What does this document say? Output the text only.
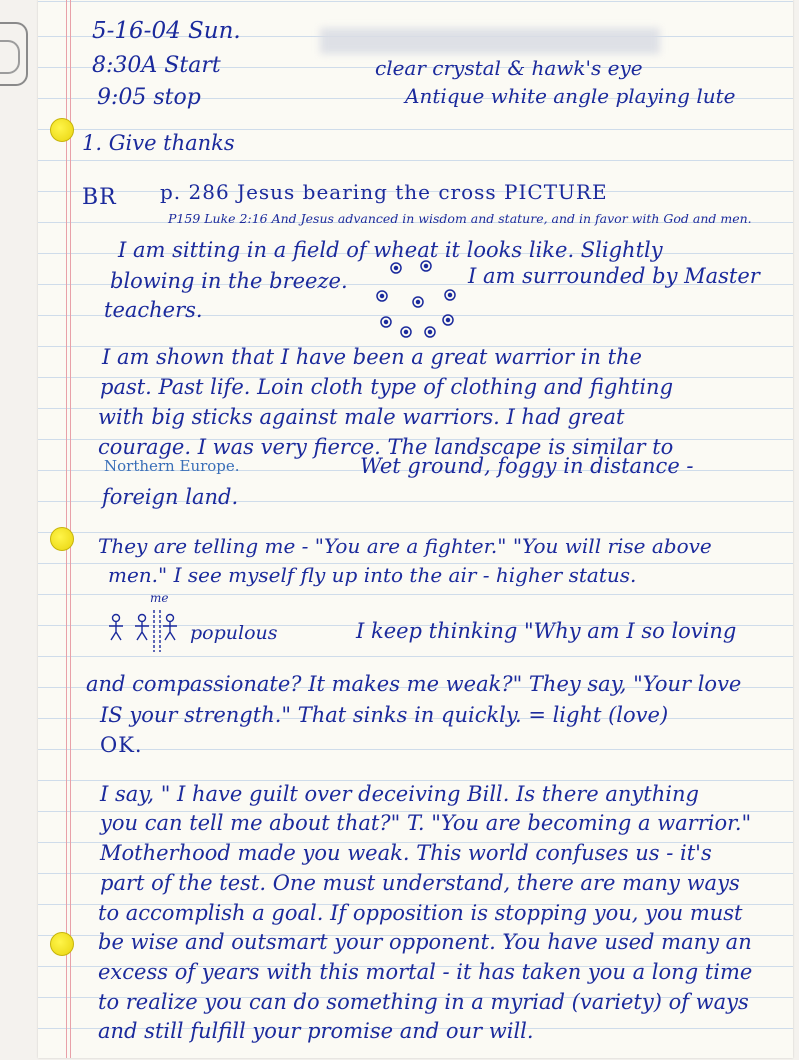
5-16-04 Sun.

8:30A Start

9:05 stop

clear crystal & hawk's eye

Antique white angle playing lute

1. Give thanks

BR p. 286 Jesus bearing the cross PICTURE

P159 Luke 2:16 And Jesus advanced in wisdom and stature, and in favor with God and men.

I am sitting in a field of wheat it looks like. Slightly

blowing in the breeze.	I am surrounded by Master

teachers.

I am shown that I have been a great warrior in the

past. Past life. Loin cloth type of clothing and fighting

with big sticks against male warriors. I had great

courage. I was very fierce. The landscape is similar to

Northern Europe.	Wet ground, foggy in distance -

foreign land.

They are telling me - "You are a fighter." "You will rise above

men." I see myself fly up into the air - higher status.

me

populous	I keep thinking "Why am I so loving

and compassionate? It makes me weak?" They say, "Your love

IS your strength." That sinks in quickly. = light (love)

OK.

I say, " I have guilt over deceiving Bill. Is there anything

you can tell me about that?" T. "You are becoming a warrior."

Motherhood made you weak. This world confuses us - it's

part of the test. One must understand, there are many ways

to accomplish a goal. If opposition is stopping you, you must

be wise and outsmart your opponent. You have used many an

excess of years with this mortal - it has taken you a long time

to realize you can do something in a myriad (variety) of ways

and still fulfill your promise and our will.
